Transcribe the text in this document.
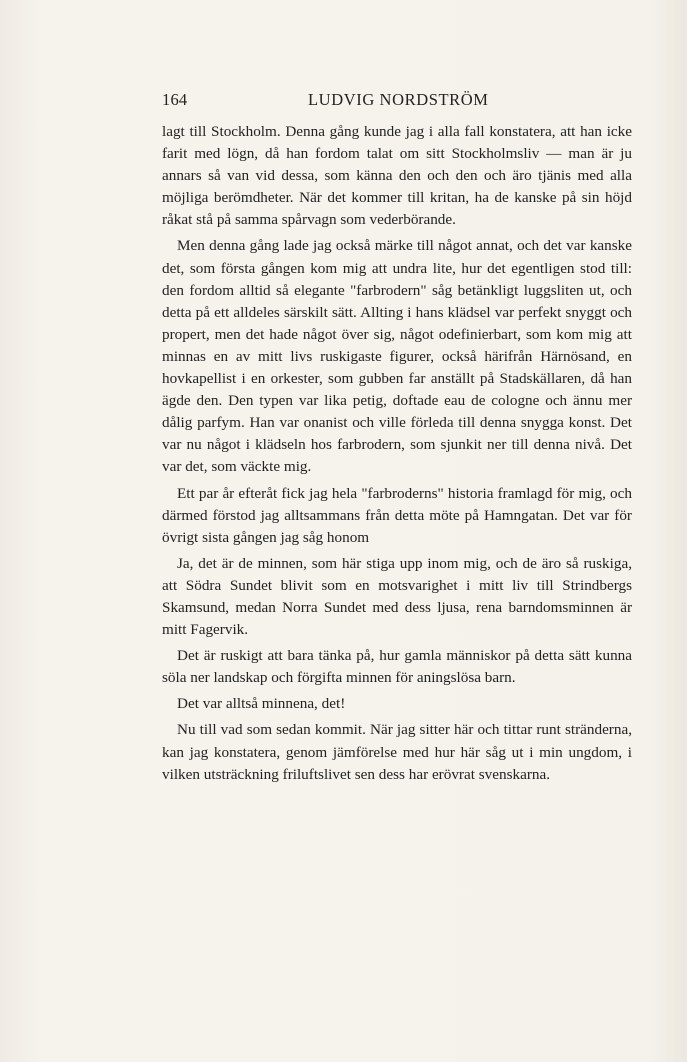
164	LUDVIG NORDSTRÖM

lagt till Stockholm. Denna gång kunde jag i alla fall konstatera, att han icke farit med lögn, då han fordom talat om sitt Stockholmsliv — man är ju annars så van vid dessa, som känna den och den och äro tjänis med alla möjliga berömdheter. När det kommer till kritan, ha de kanske på sin höjd råkat stå på samma spårvagn som vederbörande.

Men denna gång lade jag också märke till något annat, och det var kanske det, som första gången kom mig att undra lite, hur det egentligen stod till: den fordom alltid så elegante "farbrodern" såg betänkligt luggsliten ut, och detta på ett alldeles särskilt sätt. Allting i hans klädsel var perfekt snyggt och propert, men det hade något över sig, något odefinierbart, som kom mig att minnas en av mitt livs ruskigaste figurer, också härifrån Härnösand, en hovkapellist i en orkester, som gubben far anställt på Stadskällaren, då han ägde den. Den typen var lika petig, doftade eau de cologne och ännu mer dålig parfym. Han var onanist och ville förleda till denna snygga konst. Det var nu något i klädseln hos farbrodern, som sjunkit ner till denna nivå. Det var det, som väckte mig.

Ett par år efteråt fick jag hela "farbroderns" historia framlagd för mig, och därmed förstod jag alltsammans från detta möte på Hamngatan. Det var för övrigt sista gången jag såg honom

Ja, det är de minnen, som här stiga upp inom mig, och de äro så ruskiga, att Södra Sundet blivit som en motsvarighet i mitt liv till Strindbergs Skamsund, medan Norra Sundet med dess ljusa, rena barndomsminnen är mitt Fagervik.

Det är ruskigt att bara tänka på, hur gamla människor på detta sätt kunna söla ner landskap och förgifta minnen för aningslösa barn.

Det var alltså minnena, det!

Nu till vad som sedan kommit. När jag sitter här och tittar runt stränderna, kan jag konstatera, genom jämförelse med hur här såg ut i min ungdom, i vilken utsträckning friluftslivet sen dess har erövrat svenskarna.
